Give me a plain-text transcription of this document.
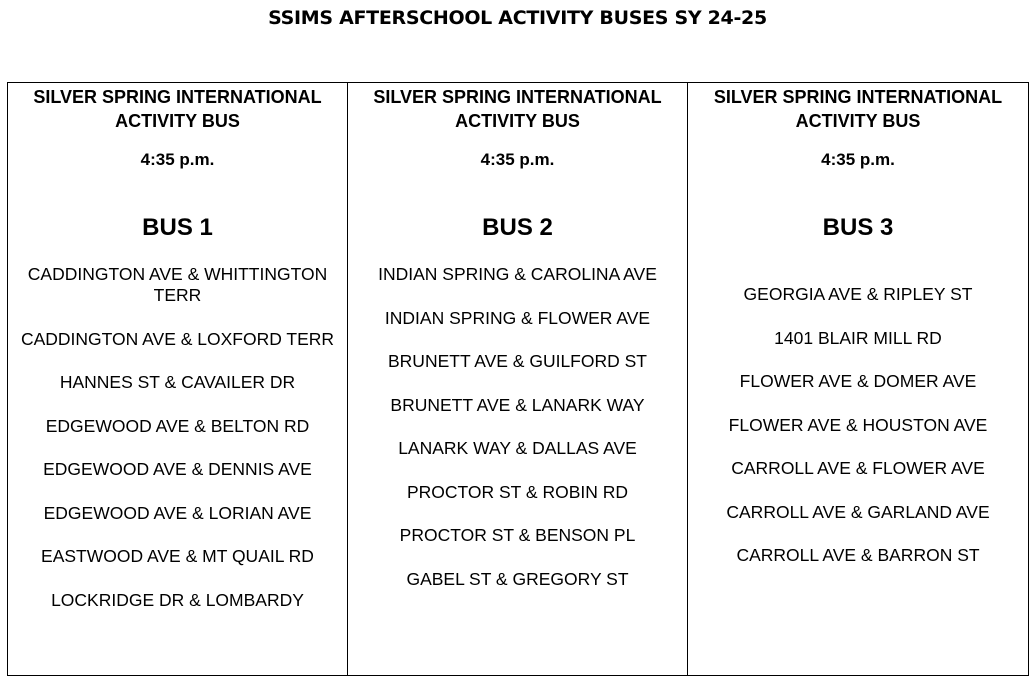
SSIMS AFTERSCHOOL ACTIVITY BUSES SY 24-25
SILVER SPRING INTERNATIONAL ACTIVITY BUS
4:35 p.m.
BUS 1
CADDINGTON AVE & WHITTINGTON TERR
CADDINGTON AVE & LOXFORD TERR
HANNES ST & CAVAILER DR
EDGEWOOD AVE & BELTON RD
EDGEWOOD AVE & DENNIS AVE
EDGEWOOD AVE & LORIAN AVE
EASTWOOD AVE & MT QUAIL RD
LOCKRIDGE DR & LOMBARDY
SILVER SPRING INTERNATIONAL ACTIVITY BUS
4:35 p.m.
BUS 2
INDIAN SPRING & CAROLINA AVE
INDIAN SPRING & FLOWER AVE
BRUNETT AVE & GUILFORD ST
BRUNETT AVE & LANARK WAY
LANARK WAY & DALLAS AVE
PROCTOR ST & ROBIN RD
PROCTOR ST & BENSON PL
GABEL ST & GREGORY ST
SILVER SPRING INTERNATIONAL ACTIVITY BUS
4:35 p.m.
BUS 3
GEORGIA AVE & RIPLEY ST
1401 BLAIR MILL RD
FLOWER AVE & DOMER AVE
FLOWER AVE & HOUSTON AVE
CARROLL AVE & FLOWER AVE
CARROLL AVE & GARLAND AVE
CARROLL AVE & BARRON ST
